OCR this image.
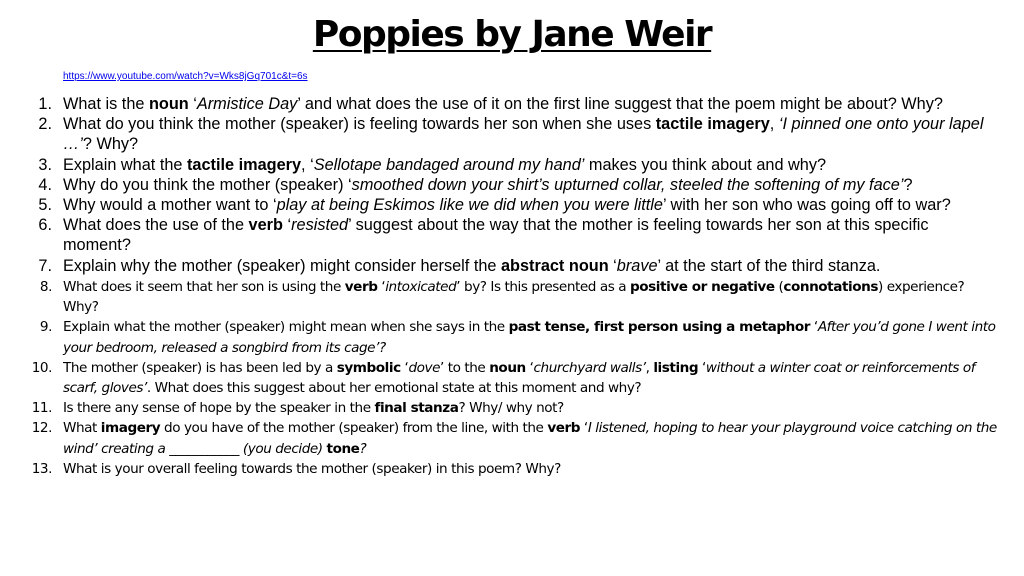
Poppies by Jane Weir
https://www.youtube.com/watch?v=Wks8jGq701c&t=6s
1. What is the noun ‘Armistice Day’ and what does the use of it on the first line suggest that the poem might be about? Why?
2. What do you think the mother (speaker) is feeling towards her son when she uses tactile imagery, ‘I pinned one onto your lapel …’? Why?
3. Explain what the tactile imagery, ‘Sellotape bandaged around my hand’ makes you think about and why?
4. Why do you think the mother (speaker) ‘smoothed down your shirt’s upturned collar, steeled the softening of my face’?
5. Why would a mother want to ‘play at being Eskimos like we did when you were little’ with her son who was going off to war?
6. What does the use of the verb ‘resisted’ suggest about the way that the mother is feeling towards her son at this specific moment?
7. Explain why the mother (speaker) might consider herself the abstract noun ‘brave’ at the start of the third stanza.
8. What does it seem that her son is using the verb ‘intoxicated’ by? Is this presented as a positive or negative (connotations) experience? Why?
9. Explain what the mother (speaker) might mean when she says in the past tense, first person using a metaphor ‘After you’d gone I went into your bedroom, released a songbird from its cage’?
10. The mother (speaker) is has been led by a symbolic ‘dove’ to the noun ‘churchyard walls’, listing ‘without a winter coat or reinforcements of scarf, gloves’. What does this suggest about her emotional state at this moment and why?
11. Is there any sense of hope by the speaker in the final stanza? Why/ why not?
12. What imagery do you have of the mother (speaker) from the line, with the verb ‘I listened, hoping to hear your playground voice catching on the wind’ creating a ___________ (you decide) tone?
13. What is your overall feeling towards the mother (speaker) in this poem? Why?
